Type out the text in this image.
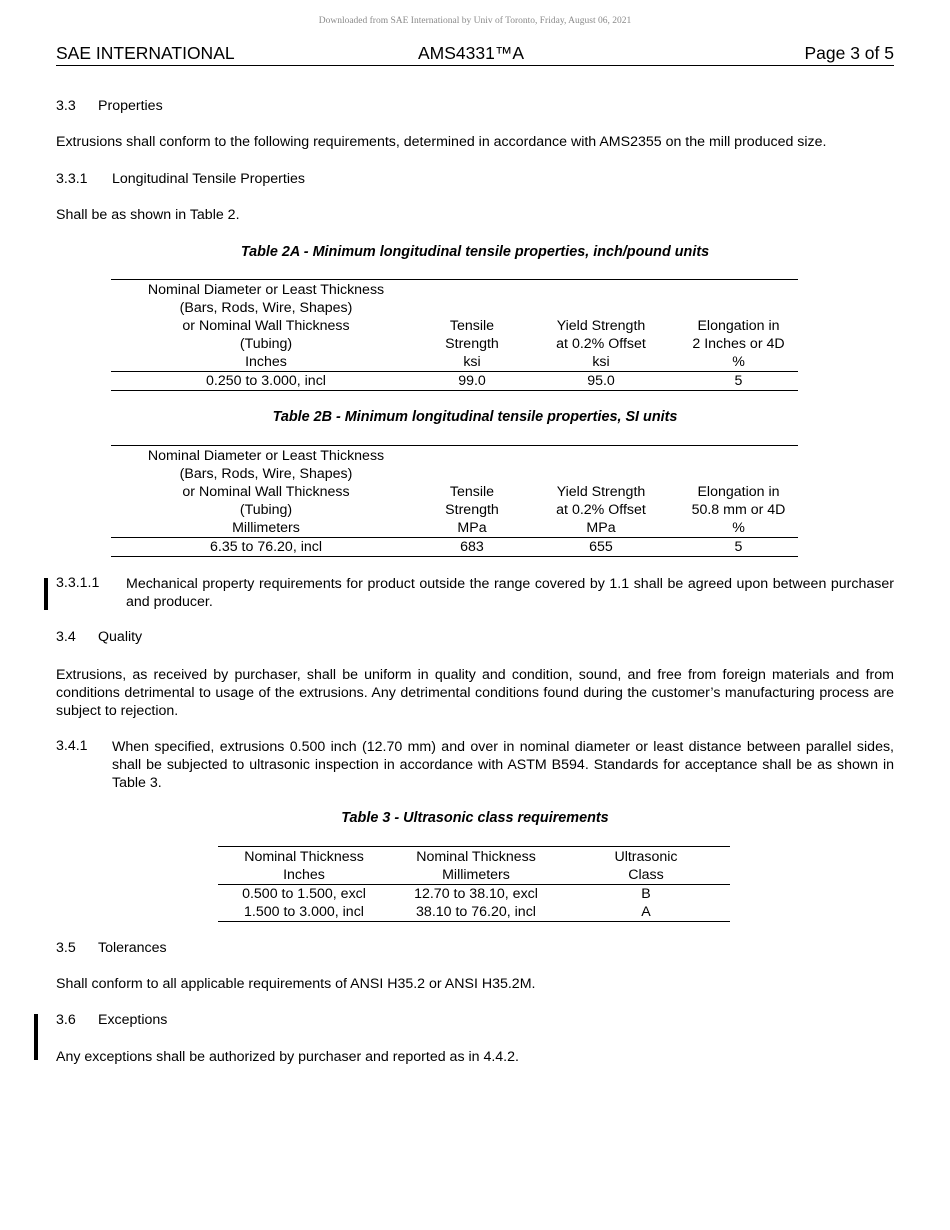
Downloaded from SAE International by Univ of Toronto, Friday, August 06, 2021
SAE INTERNATIONAL	AMS4331™A	Page 3 of 5
3.3 Properties
Extrusions shall conform to the following requirements, determined in accordance with AMS2355 on the mill produced size.
3.3.1 Longitudinal Tensile Properties
Shall be as shown in Table 2.
Table 2A - Minimum longitudinal tensile properties, inch/pound units
Nominal Diameter or Least Thickness			
(Bars, Rods, Wire, Shapes)			
or Nominal Wall Thickness	Tensile	Yield Strength	Elongation in
(Tubing)	Strength	at 0.2% Offset	2 Inches or 4D
Inches	ksi	ksi	%
0.250 to 3.000, incl	99.0	95.0	5
Table 2B - Minimum longitudinal tensile properties, SI units
Nominal Diameter or Least Thickness			
(Bars, Rods, Wire, Shapes)			
or Nominal Wall Thickness	Tensile	Yield Strength	Elongation in
(Tubing)	Strength	at 0.2% Offset	50.8 mm or 4D
Millimeters	MPa	MPa	%
6.35 to 76.20, incl	683	655	5
3.3.1.1 Mechanical property requirements for product outside the range covered by 1.1 shall be agreed upon between purchaser and producer.
3.4 Quality
Extrusions, as received by purchaser, shall be uniform in quality and condition, sound, and free from foreign materials and from conditions detrimental to usage of the extrusions. Any detrimental conditions found during the customer’s manufacturing process are subject to rejection.
3.4.1 When specified, extrusions 0.500 inch (12.70 mm) and over in nominal diameter or least distance between parallel sides, shall be subjected to ultrasonic inspection in accordance with ASTM B594. Standards for acceptance shall be as shown in Table 3.
Table 3 - Ultrasonic class requirements
Nominal Thickness	Nominal Thickness	Ultrasonic
Inches	Millimeters	Class
0.500 to 1.500, excl	12.70 to 38.10, excl	B
1.500 to 3.000, incl	38.10 to 76.20, incl	A
3.5 Tolerances
Shall conform to all applicable requirements of ANSI H35.2 or ANSI H35.2M.
3.6 Exceptions
Any exceptions shall be authorized by purchaser and reported as in 4.4.2.
